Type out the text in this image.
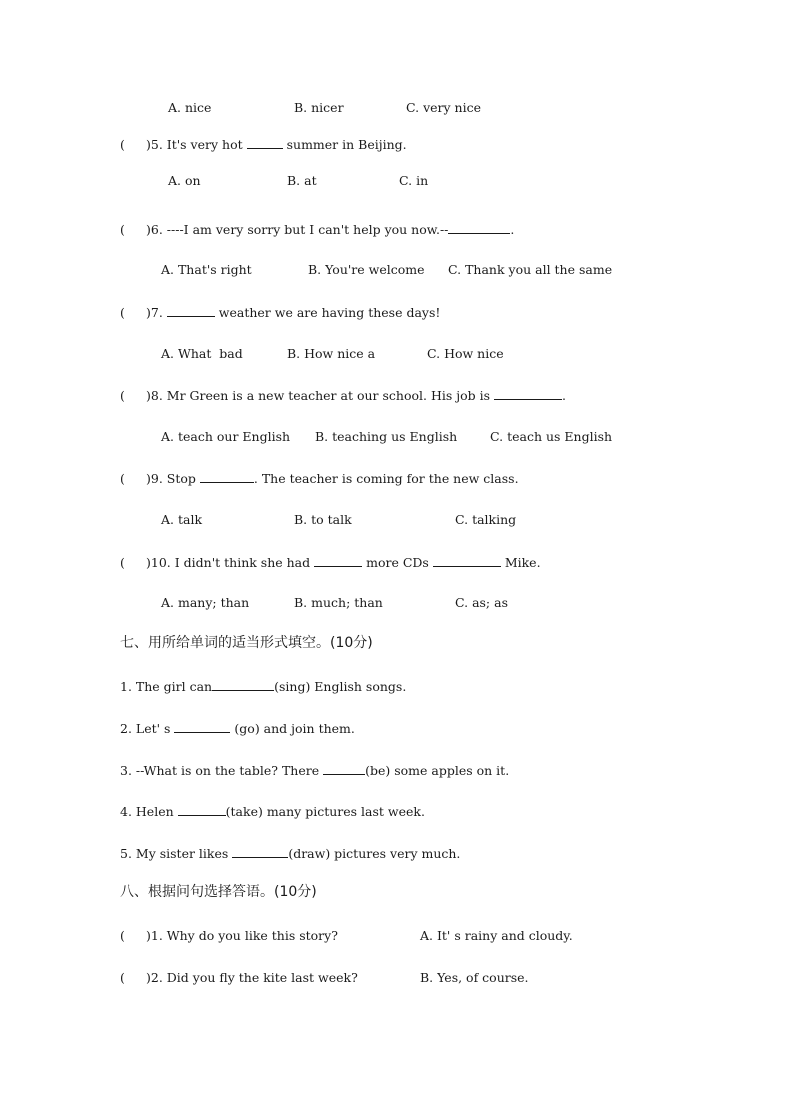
A. nice	B. nicer	C. very nice
( )5. It's very hot	summer in Beijing.
A. on	B. at	C. in
( )6. ----I am very sorry but I can't help you now.--	.
A. That's right	B. You're welcome C. Thank you all the same
( )7.	weather we are having these days!
A. What  bad	B. How nice a	C. How nice
( )8. Mr Green is a new teacher at our school. His job is	.
A. teach our English B. teaching us English	C. teach us English
( )9. Stop	. The teacher is coming for the new class.
A. talk	B. to talk	C. talking
( )10. I didn't think she had	more CDs	Mike.
A. many; than	B. much; than	C. as; as
七、用所给单词的适当形式填空。(10分)
1. The girl can	(sing) English songs.
2. Let' s	(go) and join them.
3. --What is on the table? There	(be) some apples on it.
4. Helen	(take) many pictures last week.
5. My sister likes	(draw) pictures very much.
八、根据问句选择答语。(10分)
( )1. Why do you like this story?	A. It' s rainy and cloudy.
( )2. Did you fly the kite last week?	B. Yes, of course.
